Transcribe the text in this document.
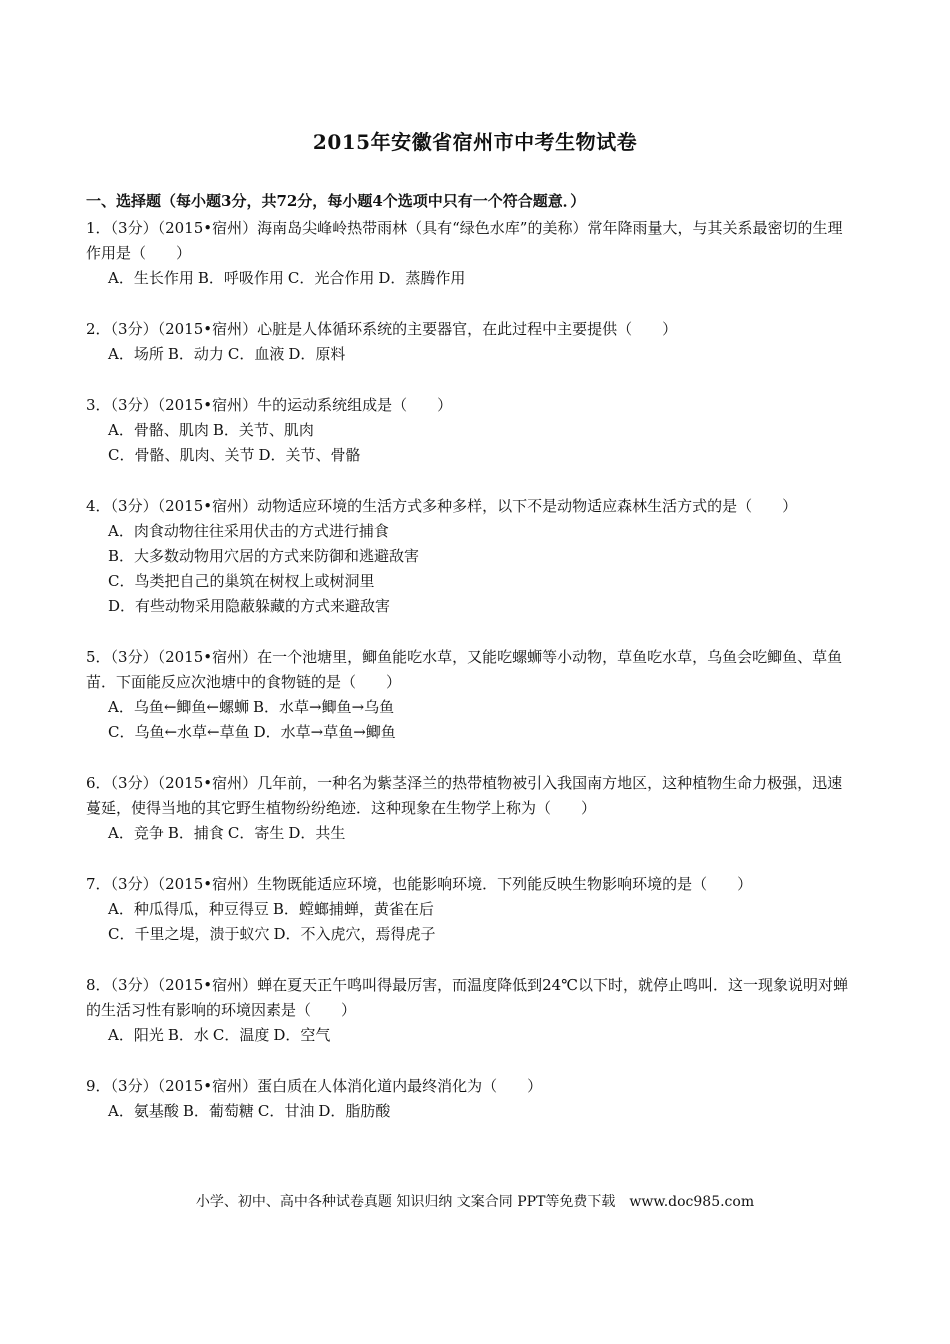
2015年安徽省宿州市中考生物试卷
一、选择题（每小题3分，共72分，每小题4个选项中只有一个符合题意．）
1．（3分）（2015•宿州）海南岛尖峰岭热带雨林（具有“绿色水库”的美称）常年降雨量大，与其关系最密切的生理作用是（　　）
A．生长作用 B．呼吸作用 C．光合作用 D．蒸腾作用
2．（3分）（2015•宿州）心脏是人体循环系统的主要器官，在此过程中主要提供（　　）
A．场所 B．动力 C．血液 D．原料
3．（3分）（2015•宿州）牛的运动系统组成是（　　）
A．骨骼、肌肉 B．关节、肌肉
C．骨骼、肌肉、关节 D．关节、骨骼
4．（3分）（2015•宿州）动物适应环境的生活方式多种多样，以下不是动物适应森林生活方式的是（　　）
A．肉食动物往往采用伏击的方式进行捕食
B．大多数动物用穴居的方式来防御和逃避敌害
C．鸟类把自己的巢筑在树杈上或树洞里
D．有些动物采用隐蔽躲藏的方式来避敌害
5．（3分）（2015•宿州）在一个池塘里，鲫鱼能吃水草，又能吃螺蛳等小动物，草鱼吃水草，乌鱼会吃鲫鱼、草鱼苗．下面能反应次池塘中的食物链的是（　　）
A．乌鱼←鲫鱼←螺蛳 B．水草→鲫鱼→乌鱼
C．乌鱼←水草←草鱼 D．水草→草鱼→鲫鱼
6．（3分）（2015•宿州）几年前，一种名为紫茎泽兰的热带植物被引入我国南方地区，这种植物生命力极强，迅速蔓延，使得当地的其它野生植物纷纷绝迹．这种现象在生物学上称为（　　）
A．竞争 B．捕食 C．寄生 D．共生
7．（3分）（2015•宿州）生物既能适应环境，也能影响环境．下列能反映生物影响环境的是（　　）
A．种瓜得瓜，种豆得豆 B．螳螂捕蝉，黄雀在后
C．千里之堤，溃于蚁穴 D．不入虎穴，焉得虎子
8．（3分）（2015•宿州）蝉在夏天正午鸣叫得最厉害，而温度降低到24℃以下时，就停止鸣叫．这一现象说明对蝉的生活习性有影响的环境因素是（　　）
A．阳光 B．水 C．温度 D．空气
9．（3分）（2015•宿州）蛋白质在人体消化道内最终消化为（　　）
A．氨基酸 B．葡萄糖 C．甘油 D．脂肪酸
小学、初中、高中各种试卷真题 知识归纳 文案合同 PPT等免费下载　www.doc985.com
